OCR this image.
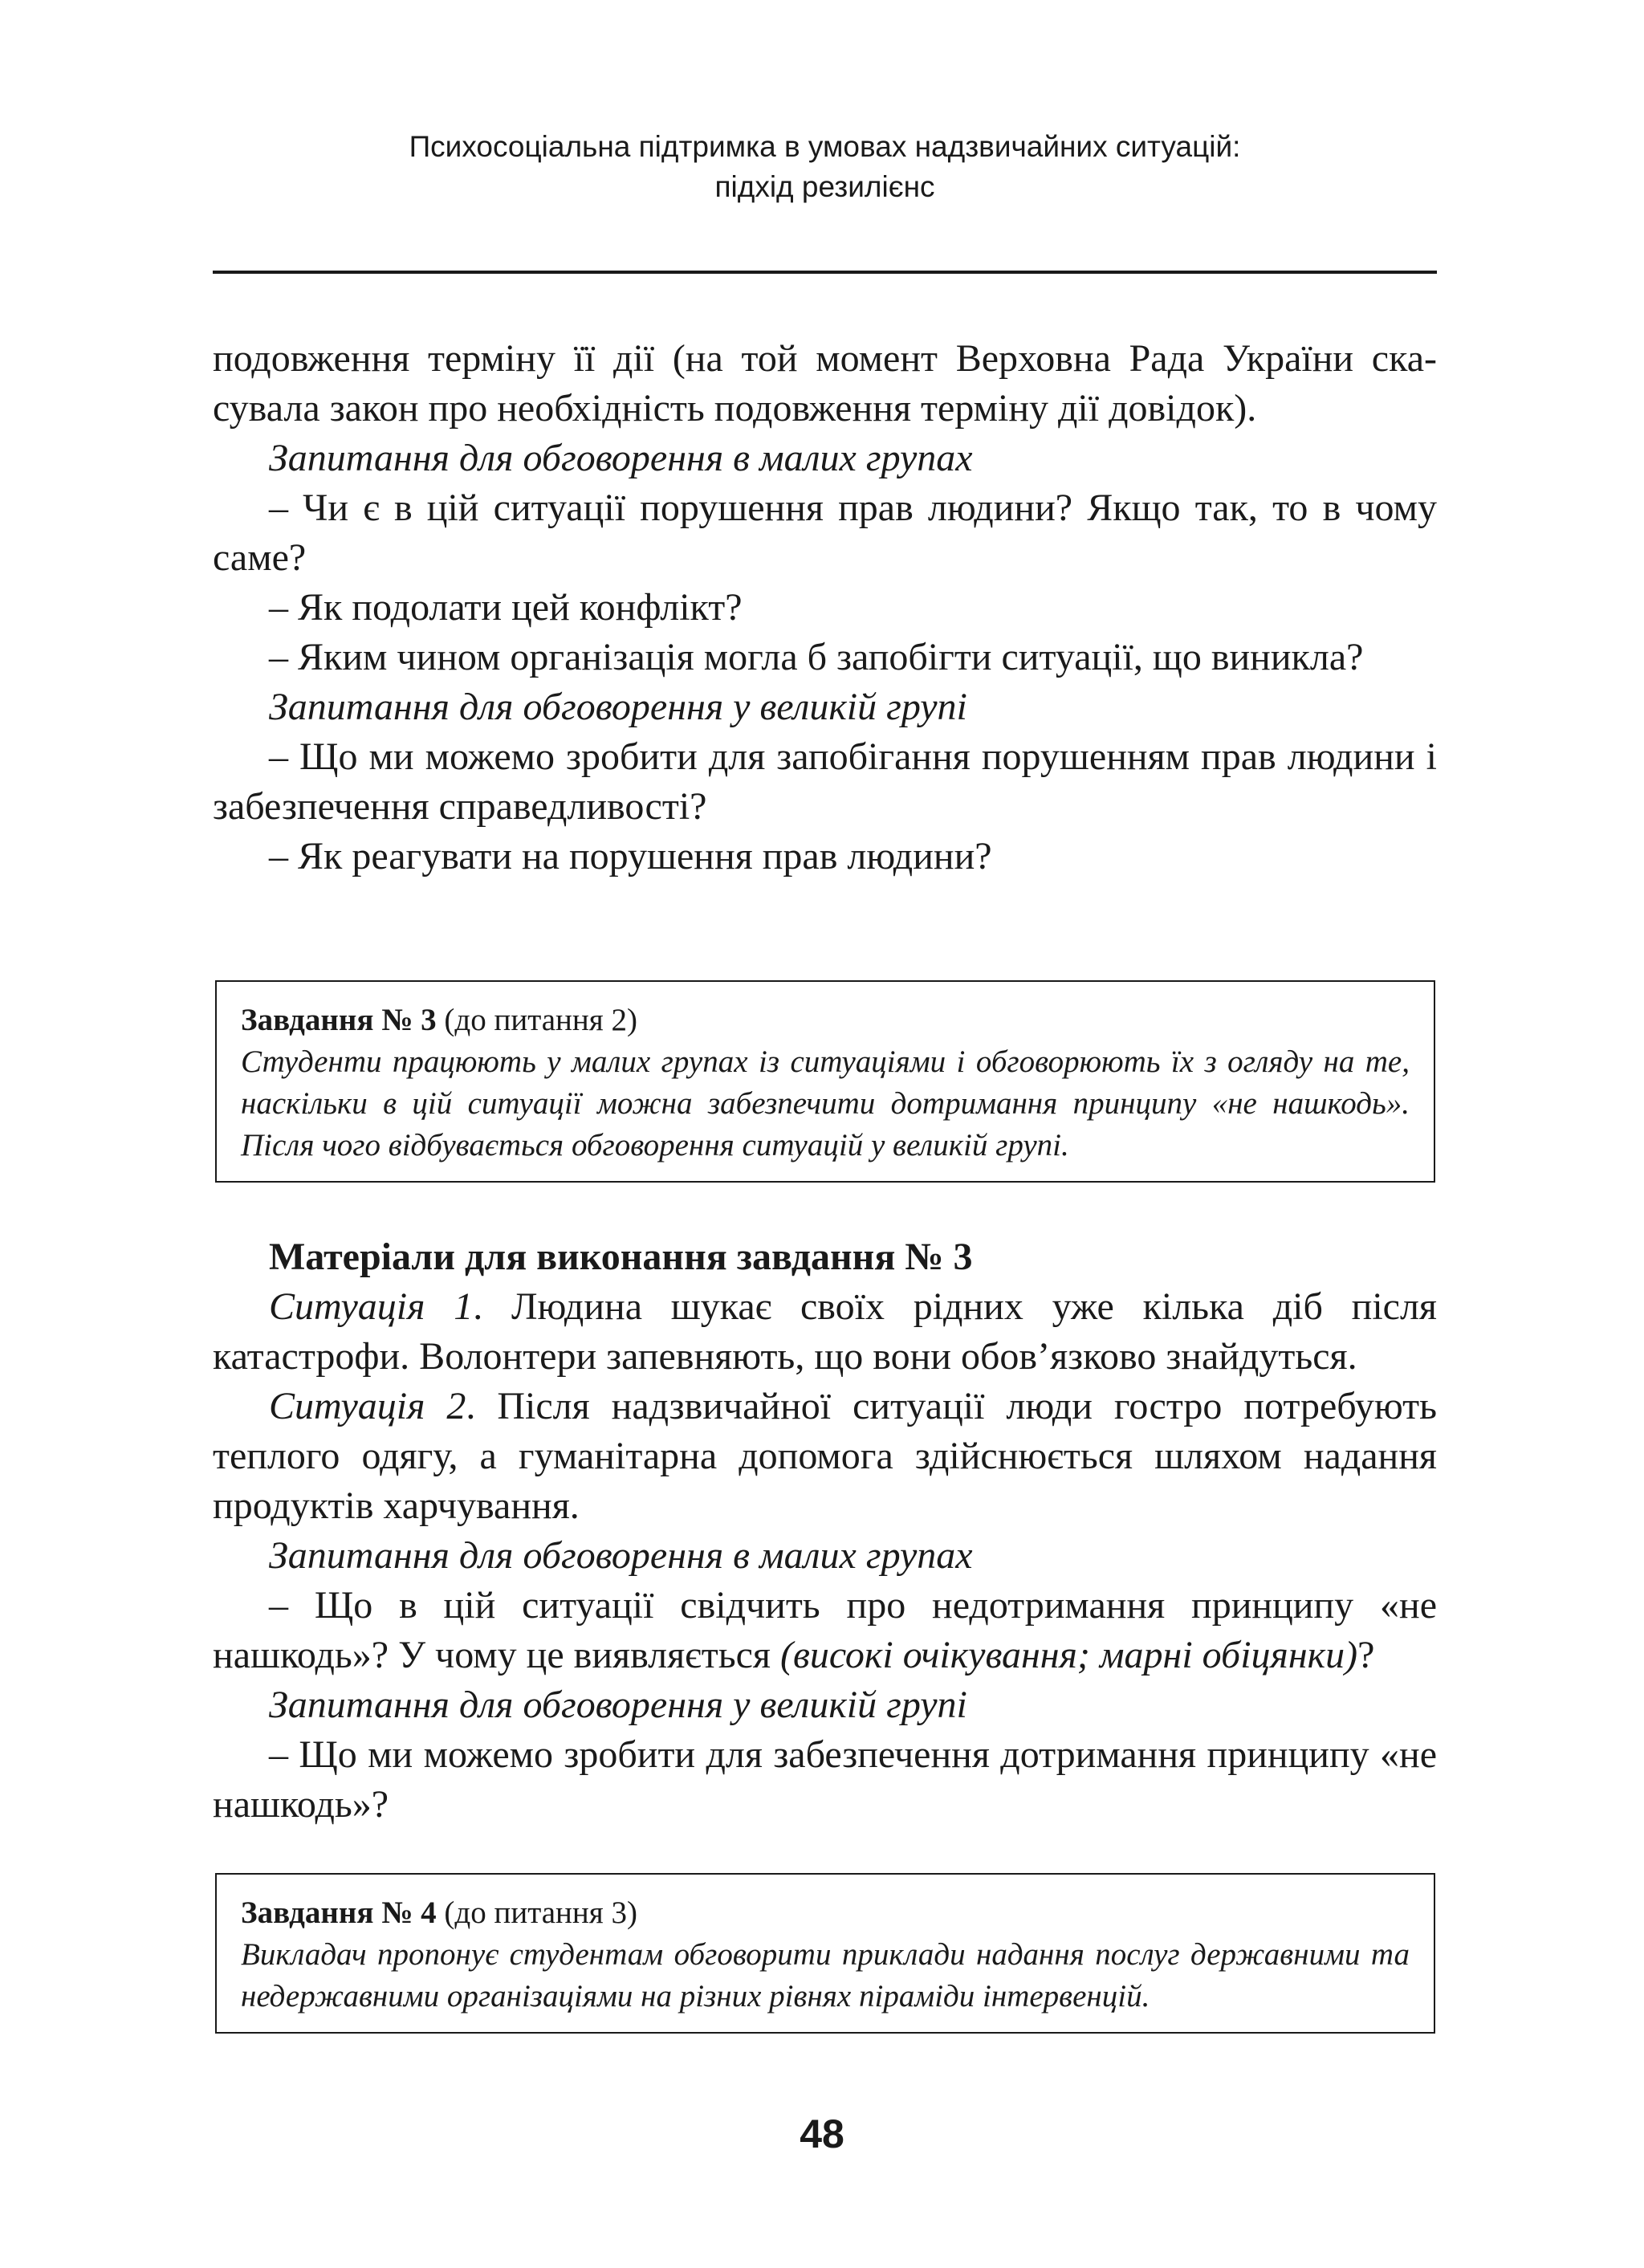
Психосоціальна підтримка в умовах надзвичайних ситуацій:
підхід резилієнс

подовження терміну її дії (на той момент Верховна Рада України ска-

сувала закон про необхідність подовження терміну дії довідок).

Запитання для обговорення в малих групах

– Чи є в цій ситуації порушення прав людини? Якщо так, то в чому саме?

– Як подолати цей конфлікт?

– Яким чином організація могла б запобігти ситуації, що виникла?

Запитання для обговорення у великій групі

– Що ми можемо зробити для запобігання порушенням прав людини і забезпечення справедливості?

– Як реагувати на порушення прав людини?

Завдання № 3 (до питання 2)

Студенти працюють у малих групах із ситуаціями і обговорюють їх з огляду на те, наскільки в цій ситуації можна забезпечити дотримання принципу «не нашкодь». Після чого відбувається обговорення ситуацій у великій групі.

Матеріали для виконання завдання № 3

Ситуація 1. Людина шукає своїх рідних уже кілька діб після катастрофи. Волонтери запевняють, що вони обов’язково знайдуться.

Ситуація 2. Після надзвичайної ситуації люди гостро потребують теплого одягу, а гуманітарна допомога здійснюється шляхом надання продуктів харчування.

Запитання для обговорення в малих групах

– Що в цій ситуації свідчить про недотримання принципу «не нашкодь»? У чому це виявляється (високі очікування; марні обіцянки)?

Запитання для обговорення у великій групі

– Що ми можемо зробити для забезпечення дотримання принципу «не нашкодь»?

Завдання № 4 (до питання 3)

Викладач пропонує студентам обговорити приклади надання послуг державними та недержавними організаціями на різних рівнях піраміди інтервенцій.

48
